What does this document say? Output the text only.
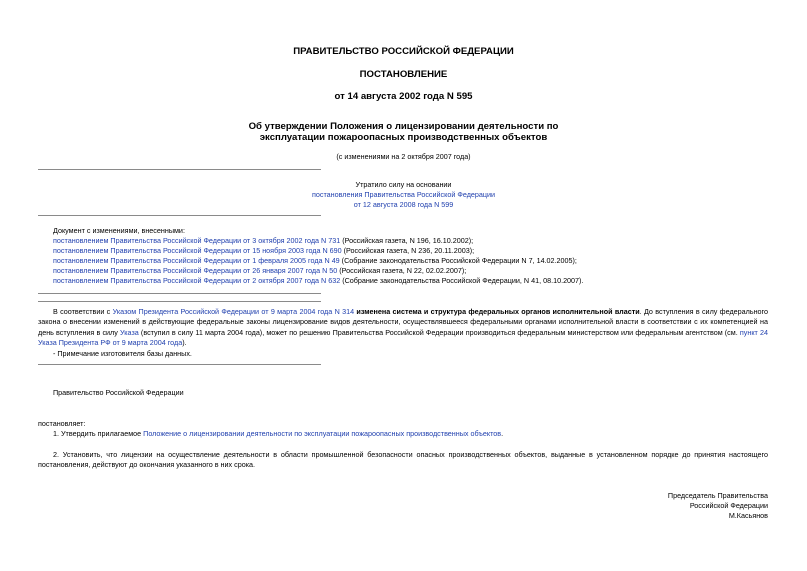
ПРАВИТЕЛЬСТВО РОССИЙСКОЙ ФЕДЕРАЦИИ
ПОСТАНОВЛЕНИЕ
от 14 августа 2002 года N 595
Об утверждении Положения о лицензировании деятельности по
эксплуатации пожароопасных производственных объектов
(с изменениями на 2 октября 2007 года)
Утратило силу на основании
постановления Правительства Российской Федерации
от 12 августа 2008 года N 599
Документ с изменениями, внесенными:
постановлением Правительства Российской Федерации от 3 октября 2002 года N 731 (Российская газета, N 196, 16.10.2002);
постановлением Правительства Российской Федерации от 15 ноября 2003 года N 690 (Российская газета, N 236, 20.11.2003);
постановлением Правительства Российской Федерации от 1 февраля 2005 года N 49 (Собрание законодательства Российской Федерации N 7, 14.02.2005);
постановлением Правительства Российской Федерации от 26 января 2007 года N 50 (Российская газета, N 22, 02.02.2007);
постановлением Правительства Российской Федерации от 2 октября 2007 года N 632 (Собрание законодательства Российской Федерации, N 41, 08.10.2007).
В соответствии с Указом Президента Российской Федерации от 9 марта 2004 года N 314 изменена система и структура федеральных органов исполнительной власти. До вступления в силу федерального закона о внесении изменений в действующие федеральные законы лицензирование видов деятельности, осуществлявшееся федеральными органами исполнительной власти в соответствии с их компетенцией на день вступления в силу Указа (вступил в силу 11 марта 2004 года), может по решению Правительства Российской Федерации производиться федеральным министерством или федеральным агентством (см. пункт 24 Указа Президента РФ от 9 марта 2004 года).
- Примечание изготовителя базы данных.
Правительство Российской Федерации
постановляет:
1. Утвердить прилагаемое Положение о лицензировании деятельности по эксплуатации пожароопасных производственных объектов.
2. Установить, что лицензии на осуществление деятельности в области промышленной безопасности опасных производственных объектов, выданные в установленном порядке до принятия настоящего постановления, действуют до окончания указанного в них срока.
Председатель Правительства
Российской Федерации
М.Касьянов
